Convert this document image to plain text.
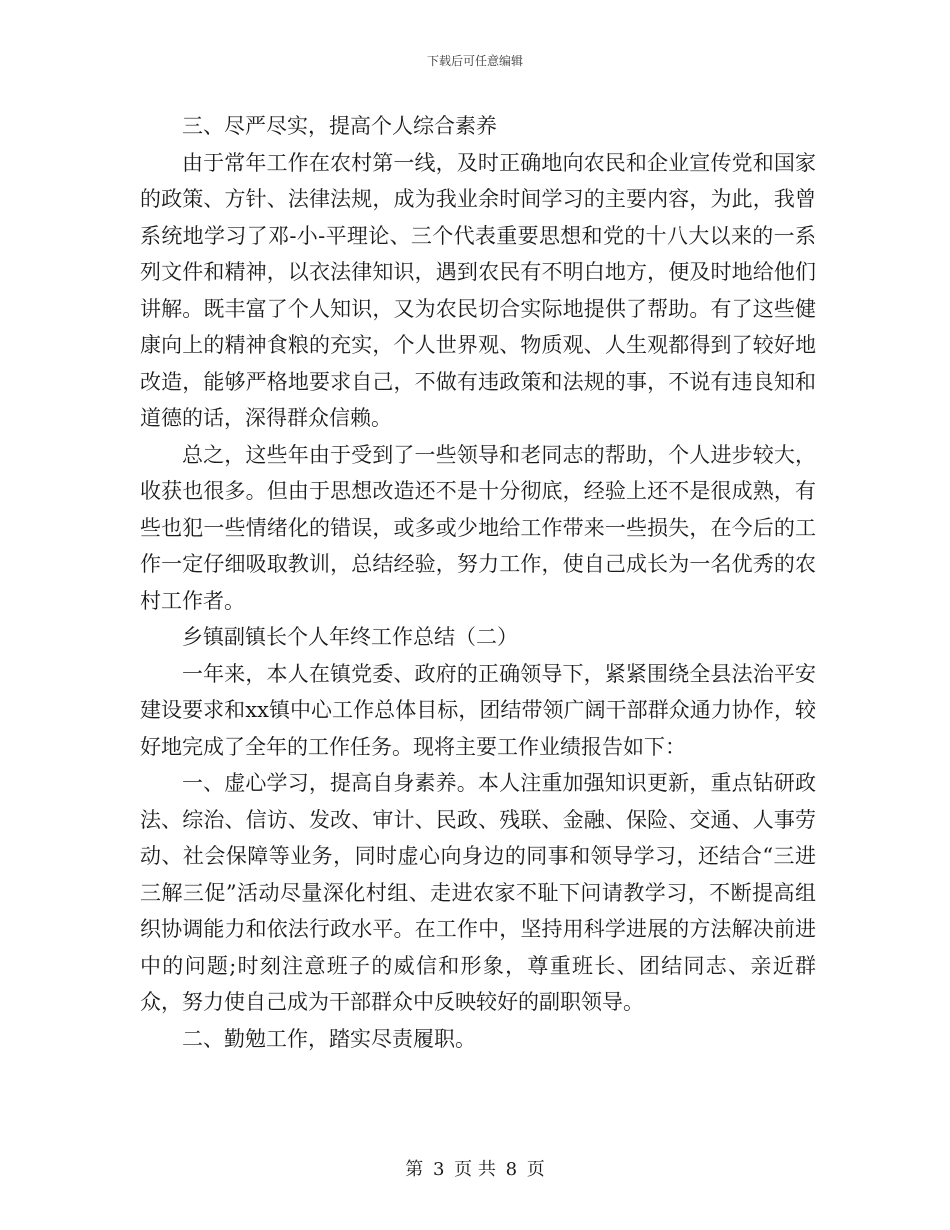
下载后可任意编辑

三、尽严尽实，提高个人综合素养

由于常年工作在农村第一线，及时正确地向农民和企业宣传党和国家的政策、方针、法律法规，成为我业余时间学习的主要内容，为此，我曾系统地学习了邓-小-平理论、三个代表重要思想和党的十八大以来的一系列文件和精神，以衣法律知识，遇到农民有不明白地方，便及时地给他们讲解。既丰富了个人知识，又为农民切合实际地提供了帮助。有了这些健康向上的精神食粮的充实，个人世界观、物质观、人生观都得到了较好地改造，能够严格地要求自己，不做有违政策和法规的事，不说有违良知和道德的话，深得群众信赖。

总之，这些年由于受到了一些领导和老同志的帮助，个人进步较大，收获也很多。但由于思想改造还不是十分彻底，经验上还不是很成熟，有些也犯一些情绪化的错误，或多或少地给工作带来一些损失，在今后的工作一定仔细吸取教训，总结经验，努力工作，使自己成长为一名优秀的农村工作者。

乡镇副镇长个人年终工作总结（二）

一年来，本人在镇党委、政府的正确领导下，紧紧围绕全县法治平安建设要求和xx镇中心工作总体目标，团结带领广阔干部群众通力协作，较好地完成了全年的工作任务。现将主要工作业绩报告如下：

一、虚心学习，提高自身素养。本人注重加强知识更新，重点钻研政法、综治、信访、发改、审计、民政、残联、金融、保险、交通、人事劳动、社会保障等业务，同时虚心向身边的同事和领导学习，还结合“三进三解三促”活动尽量深化村组、走进农家不耻下问请教学习，不断提高组织协调能力和依法行政水平。在工作中，坚持用科学进展的方法解决前进中的问题;时刻注意班子的威信和形象，尊重班长、团结同志、亲近群众，努力使自己成为干部群众中反映较好的副职领导。

二、勤勉工作，踏实尽责履职。

第 3 页 共 8 页
